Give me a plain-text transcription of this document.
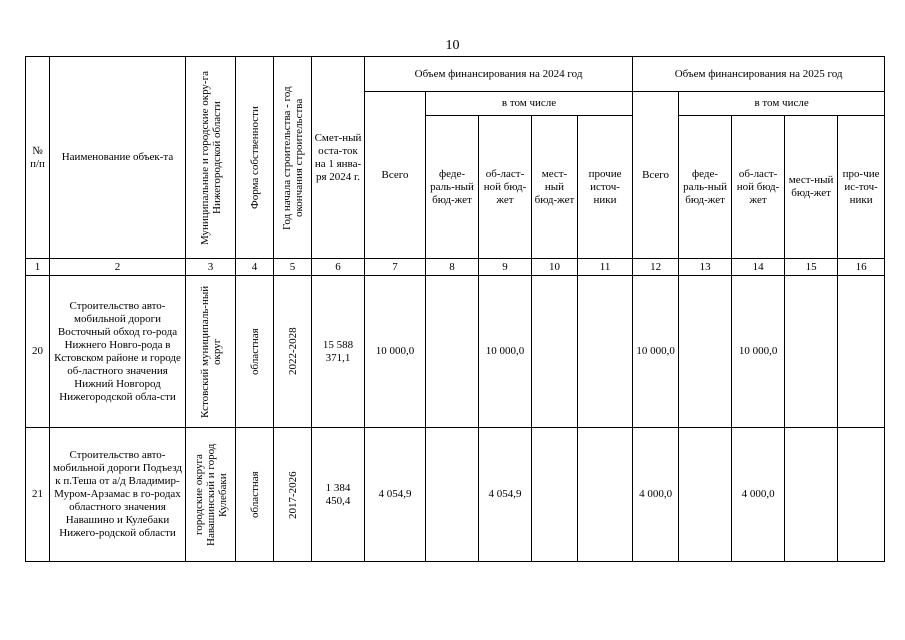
10
№ п/п	Наименование объек-та	Муниципальные и городские окру-га Нижегородской области	Форма собственности	Год начала строительства - год окончания строительства	Смет-ный оста-ток на 1 янва-ря 2024 г.	Объем финансирования на 2024 год					Объем финансирования на 2025 год				
						Всего	в том числе				Всего	в том числе			
							феде-раль-ный бюд-жет	об-ласт-ной бюд-жет	мест-ный бюд-жет	прочие источ-ники		феде-раль-ный бюд-жет	об-ласт-ной бюд-жет	мест-ный бюд-жет	про-чие ис-точ-ники

1	2	3	4	5	6	7	8	9	10	11	12	13	14	15	16
20	Строительство авто-мобильной дороги Восточный обход го-рода Нижнего Новго-рода в Кстовском районе и городе об-ластного значения Нижний Новгород Нижегородской обла-сти	Кстовский муниципаль-ный округ	областная	2022-2028	15 588 371,1	10 000,0		10 000,0			10 000,0		10 000,0		
21	Строительство авто-мобильной дороги Подъезд к п.Теша от а/д Владимир-Муром-Арзамас в го-родах областного значения Навашино и Кулебаки Нижего-родской области	городские округа Навашинский и город Кулебаки	областная	2017-2026	1 384 450,4	4 054,9		4 054,9			4 000,0		4 000,0		
